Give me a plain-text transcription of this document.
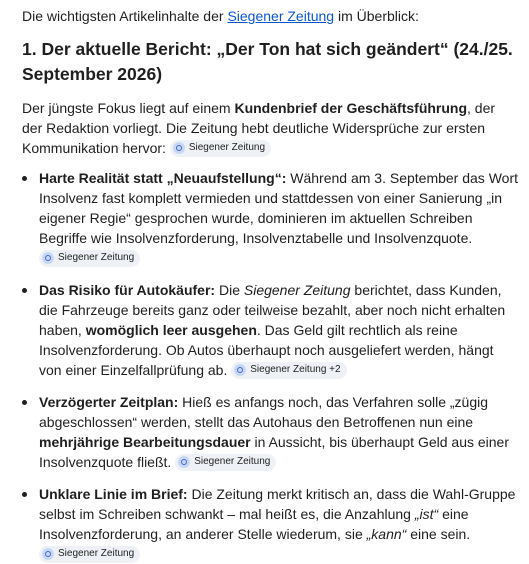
Die wichtigsten Artikelinhalte der Siegener Zeitung im Überblick:
1. Der aktuelle Bericht: „Der Ton hat sich geändert“ (24./25. September 2026)

Der jüngste Fokus liegt auf einem Kundenbrief der Geschäftsführung, der der Redaktion vorliegt. Die Zeitung hebt deutliche Widersprüche zur ersten Kommunikation hervor: Siegener Zeitung

Harte Realität statt „Neuaufstellung“: Während am 3. September das Wort Insolvenz fast komplett vermieden und stattdessen von einer Sanierung „in eigener Regie“ gesprochen wurde, dominieren im aktuellen Schreiben Begriffe wie Insolvenzforderung, Insolvenztabelle und Insolvenzquote.
Siegener Zeitung
Das Risiko für Autokäufer: Die Siegener Zeitung berichtet, dass Kunden, die Fahrzeuge bereits ganz oder teilweise bezahlt, aber noch nicht erhalten haben, womöglich leer ausgehen. Das Geld gilt rechtlich als reine Insolvenzforderung. Ob Autos überhaupt noch ausgeliefert werden, hängt von einer Einzelfallprüfung ab. Siegener Zeitung +2
Verzögerter Zeitplan: Hieß es anfangs noch, das Verfahren solle „zügig abgeschlossen“ werden, stellt das Autohaus den Betroffenen nun eine mehrjährige Bearbeitungsdauer in Aussicht, bis überhaupt Geld aus einer Insolvenzquote fließt. Siegener Zeitung
Unklare Linie im Brief: Die Zeitung merkt kritisch an, dass die Wahl-Gruppe selbst im Schreiben schwankt – mal heißt es, die Anzahlung „ist“ eine Insolvenzforderung, an anderer Stelle wiederum, sie „kann“ eine sein.
Siegener Zeitung
